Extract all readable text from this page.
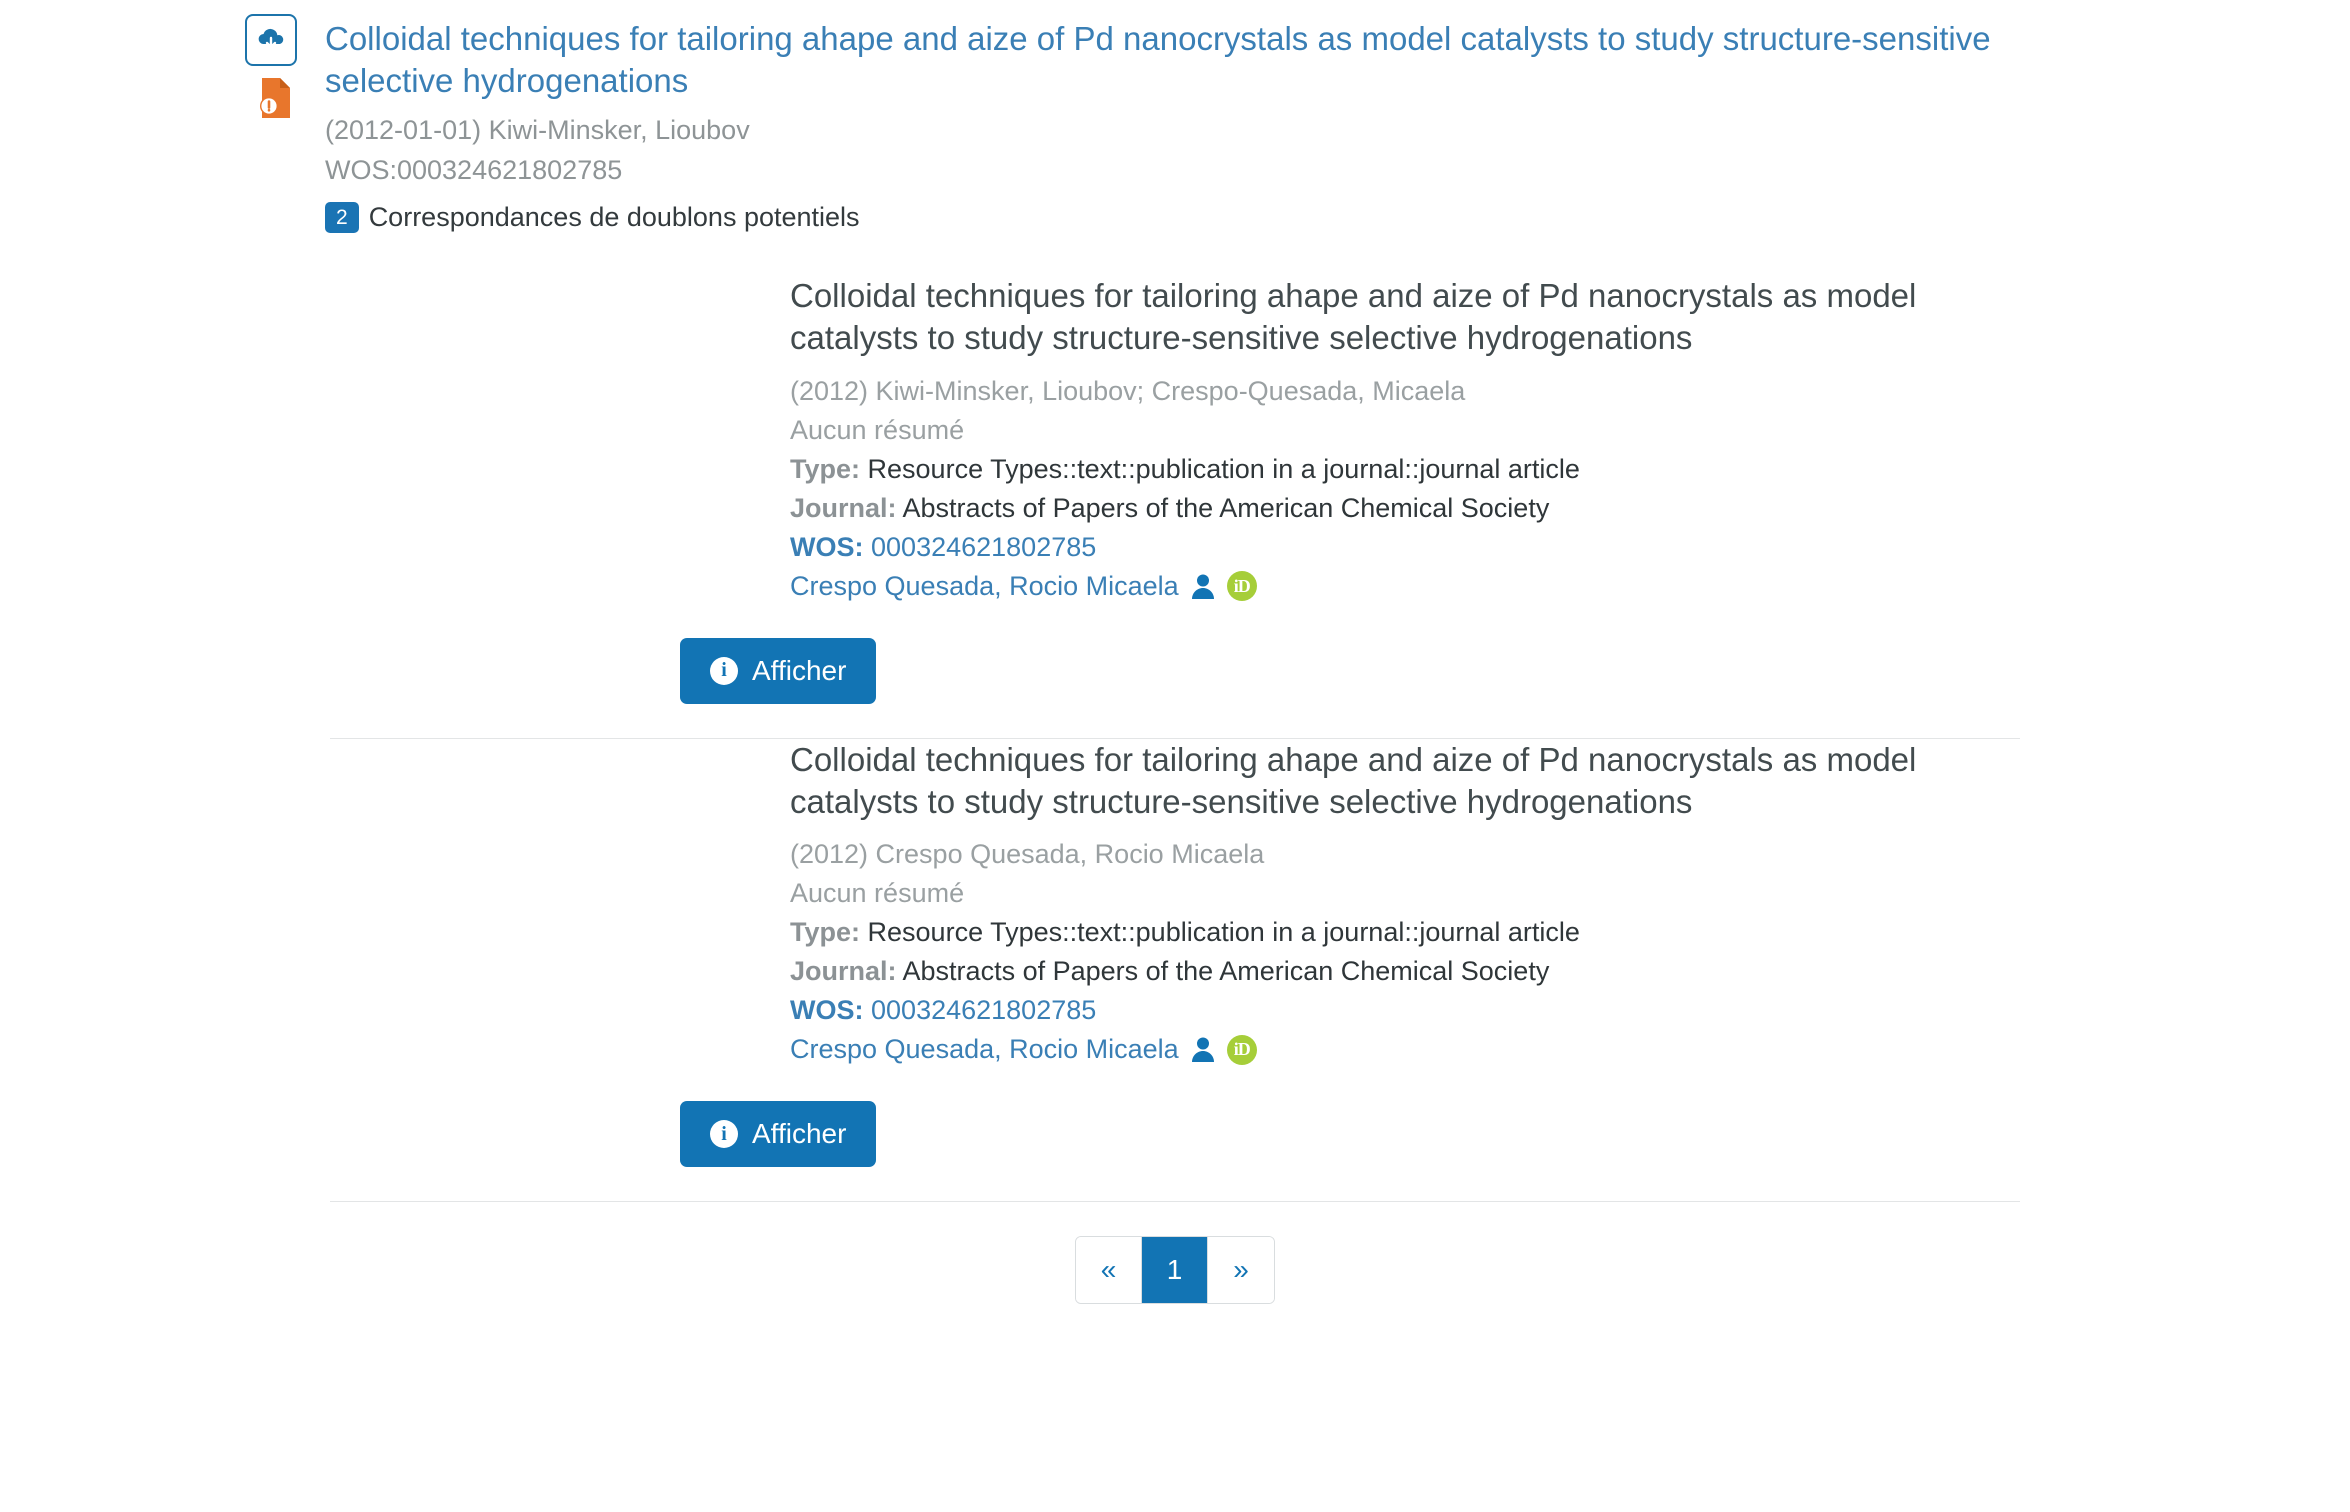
Colloidal techniques for tailoring ahape and aize of Pd nanocrystals as model catalysts to study structure-sensitive selective hydrogenations
(2012-01-01) Kiwi-Minsker, Lioubov
WOS:000324621802785
2 Correspondances de doublons potentiels
Colloidal techniques for tailoring ahape and aize of Pd nanocrystals as model catalysts to study structure-sensitive selective hydrogenations
(2012) Kiwi-Minsker, Lioubov; Crespo-Quesada, Micaela
Aucun résumé
Type: Resource Types::text::publication in a journal::journal article
Journal: Abstracts of Papers of the American Chemical Society
WOS: 000324621802785
Crespo Quesada, Rocio Micaela	iD
i Afficher
Colloidal techniques for tailoring ahape and aize of Pd nanocrystals as model catalysts to study structure-sensitive selective hydrogenations
(2012) Crespo Quesada, Rocio Micaela
Aucun résumé
Type: Resource Types::text::publication in a journal::journal article
Journal: Abstracts of Papers of the American Chemical Society
WOS: 000324621802785
Crespo Quesada, Rocio Micaela	iD
i Afficher
«	1	»
